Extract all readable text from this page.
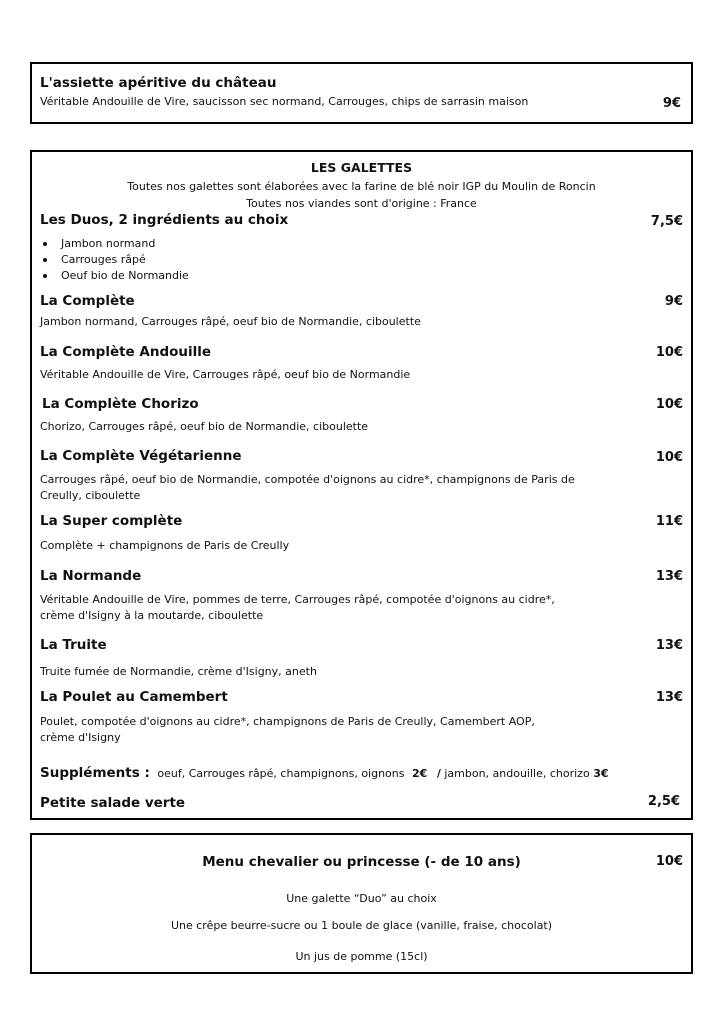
L'assiette apéritive du château
Véritable Andouille de Vire, saucisson sec normand, Carrouges, chips de sarrasin maison	9€
LES GALETTES
Toutes nos galettes sont élaborées avec la farine de blé noir IGP du Moulin de Roncin
Toutes nos viandes sont d'origine : France
Les Duos, 2 ingrédients au choix	7,5€
Jambon normand
Carrouges râpé
Oeuf bio de Normandie
La Complète	9€
Jambon normand, Carrouges râpé, oeuf bio de Normandie, ciboulette
La Complète Andouille	10€
Véritable Andouille de Vire, Carrouges râpé, oeuf bio de Normandie
La Complète Chorizo	10€
Chorizo, Carrouges râpé, oeuf bio de Normandie, ciboulette
La Complète Végétarienne	10€
Carrouges râpé, oeuf bio de Normandie, compotée d'oignons au cidre*, champignons de Paris de
Creully, ciboulette
La Super complète	11€
Complète + champignons de Paris de Creully
La Normande	13€
Véritable Andouille de Vire, pommes de terre, Carrouges râpé, compotée d'oignons au cidre*,
crème d'Isigny à la moutarde, ciboulette
La Truite	13€
Truite fumée de Normandie, crème d'Isigny, aneth
La Poulet au Camembert	13€
Poulet, compotée d'oignons au cidre*, champignons de Paris de Creully, Camembert AOP,
crème d'Isigny
Suppléments : oeuf, Carrouges râpé, champignons, oignons 2€ / jambon, andouille, chorizo 3€
Petite salade verte	2,5€
Menu chevalier ou princesse (- de 10 ans)	10€
Une galette “Duo” au choix
Une crêpe beurre-sucre ou 1 boule de glace (vanille, fraise, chocolat)
Un jus de pomme (15cl)
